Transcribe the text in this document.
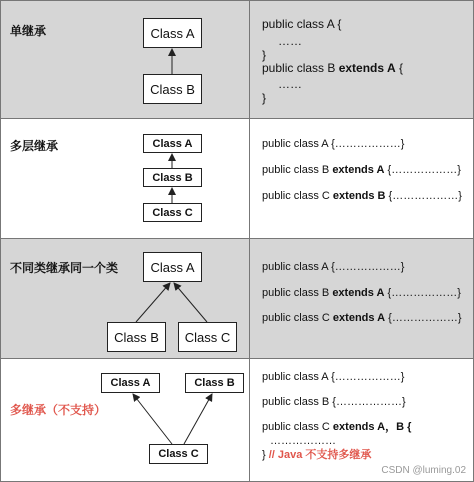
单继承	Class A
Class B
public class A {
……
}
public class B extends A {
……
}
多层继承	Class A
Class B
Class C
public class A {………………}
public class B extends A {………………}
public class C extends B {………………}
不同类继承同一个类	Class A
Class B	Class C
public class A {………………}
public class B extends A {………………}
public class C extends A {………………}
多继承（不支持）
Class A	Class B
Class C
public class A {………………}
public class B {………………}
public class C extends A，B {
………………
} // Java 不支持多继承
CSDN @luming.02
